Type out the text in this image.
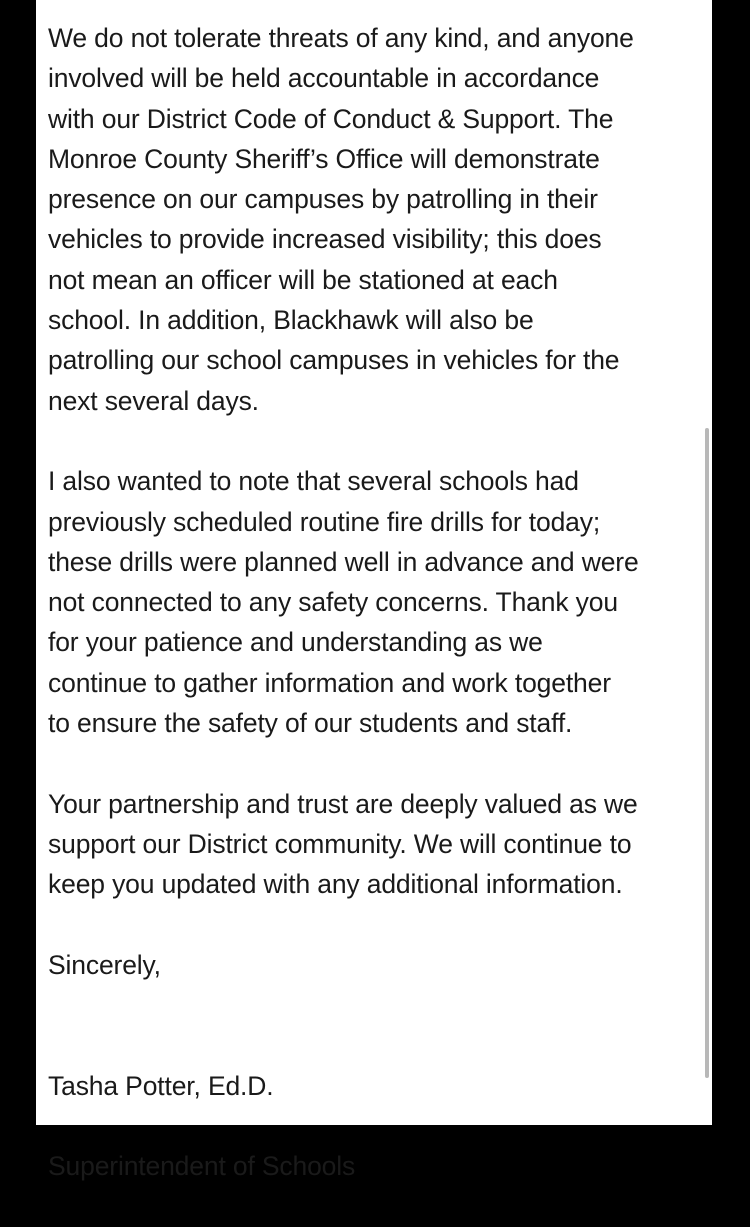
We do not tolerate threats of any kind, and anyone
involved will be held accountable in accordance
with our District Code of Conduct & Support. The
Monroe County Sheriff’s Office will demonstrate
presence on our campuses by patrolling in their
vehicles to provide increased visibility; this does
not mean an officer will be stationed at each
school. In addition, Blackhawk will also be
patrolling our school campuses in vehicles for the
next several days.

I also wanted to note that several schools had
previously scheduled routine fire drills for today;
these drills were planned well in advance and were
not connected to any safety concerns. Thank you
for your patience and understanding as we
continue to gather information and work together
to ensure the safety of our students and staff.

Your partnership and trust are deeply valued as we
support our District community. We will continue to
keep you updated with any additional information.

Sincerely,

Tasha Potter, Ed.D.

Superintendent of Schools
